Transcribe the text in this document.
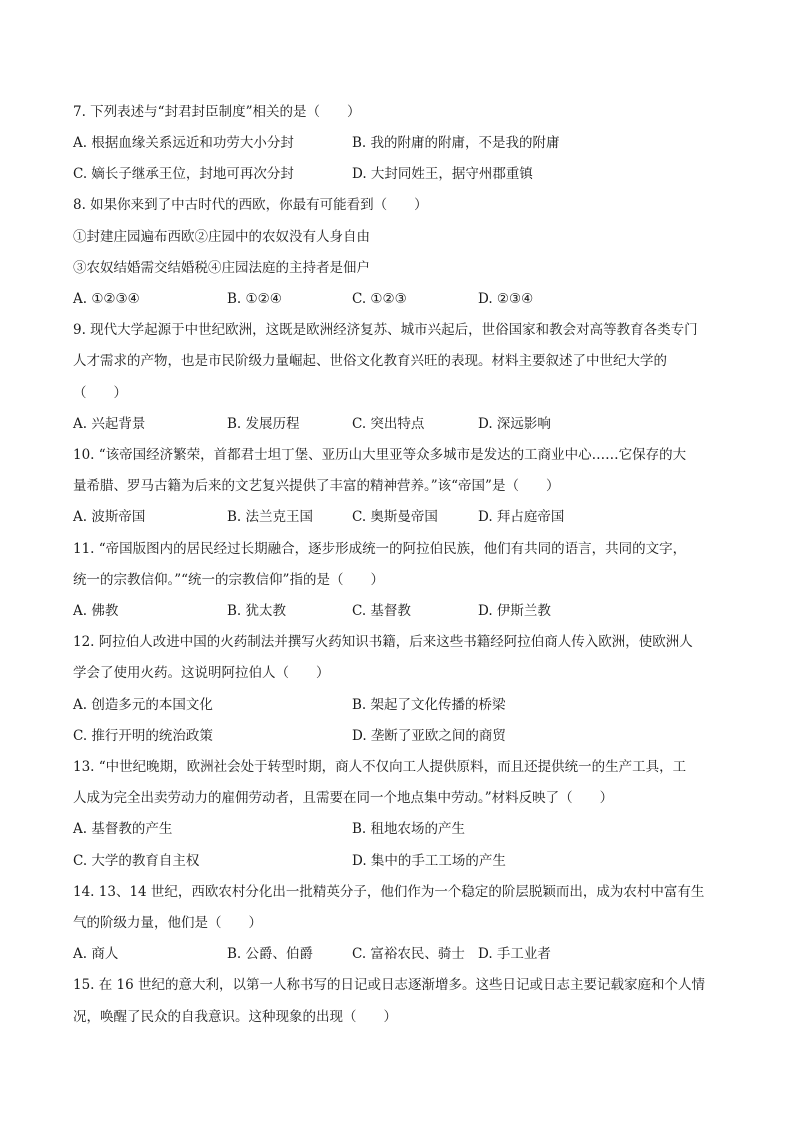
7. 下列表述与“封君封臣制度”相关的是（　　）
A. 根据血缘关系远近和功劳大小分封	B. 我的附庸的附庸，不是我的附庸
C. 嫡长子继承王位，封地可再次分封	D. 大封同姓王，据守州郡重镇
8. 如果你来到了中古时代的西欧，你最有可能看到（　　）
①封建庄园遍布西欧②庄园中的农奴没有人身自由
③农奴结婚需交结婚税④庄园法庭的主持者是佃户
A. ①②③④	B. ①②④	C. ①②③	D. ②③④
9. 现代大学起源于中世纪欧洲，这既是欧洲经济复苏、城市兴起后，世俗国家和教会对高等教育各类专门
人才需求的产物，也是市民阶级力量崛起、世俗文化教育兴旺的表现。材料主要叙述了中世纪大学的
（　　）
A. 兴起背景	B. 发展历程	C. 突出特点	D. 深远影响
10. “该帝国经济繁荣，首都君士坦丁堡、亚历山大里亚等众多城市是发达的工商业中心……它保存的大
量希腊、罗马古籍为后来的文艺复兴提供了丰富的精神营养。”该“帝国”是（　　）
A. 波斯帝国	B. 法兰克王国	C. 奥斯曼帝国	D. 拜占庭帝国
11. “帝国版图内的居民经过长期融合，逐步形成统一的阿拉伯民族，他们有共同的语言，共同的文字，
统一的宗教信仰。”“统一的宗教信仰”指的是（　　）
A. 佛教	B. 犹太教	C. 基督教	D. 伊斯兰教
12. 阿拉伯人改进中国的火药制法并撰写火药知识书籍，后来这些书籍经阿拉伯商人传入欧洲，使欧洲人
学会了使用火药。这说明阿拉伯人（　　）
A. 创造多元的本国文化	B. 架起了文化传播的桥梁
C. 推行开明的统治政策	D. 垄断了亚欧之间的商贸
13. “中世纪晚期，欧洲社会处于转型时期，商人不仅向工人提供原料，而且还提供统一的生产工具，工
人成为完全出卖劳动力的雇佣劳动者，且需要在同一个地点集中劳动。”材料反映了（　　）
A. 基督教的产生	B. 租地农场的产生
C. 大学的教育自主权	D. 集中的手工工场的产生
14. 13、14 世纪，西欧农村分化出一批精英分子，他们作为一个稳定的阶层脱颖而出，成为农村中富有生
气的阶级力量，他们是（　　）
A. 商人	B. 公爵、伯爵	C. 富裕农民、骑士 D. 手工业者
15. 在 16 世纪的意大利，以第一人称书写的日记或日志逐渐增多。这些日记或日志主要记载家庭和个人情
况，唤醒了民众的自我意识。这种现象的出现（　　）
